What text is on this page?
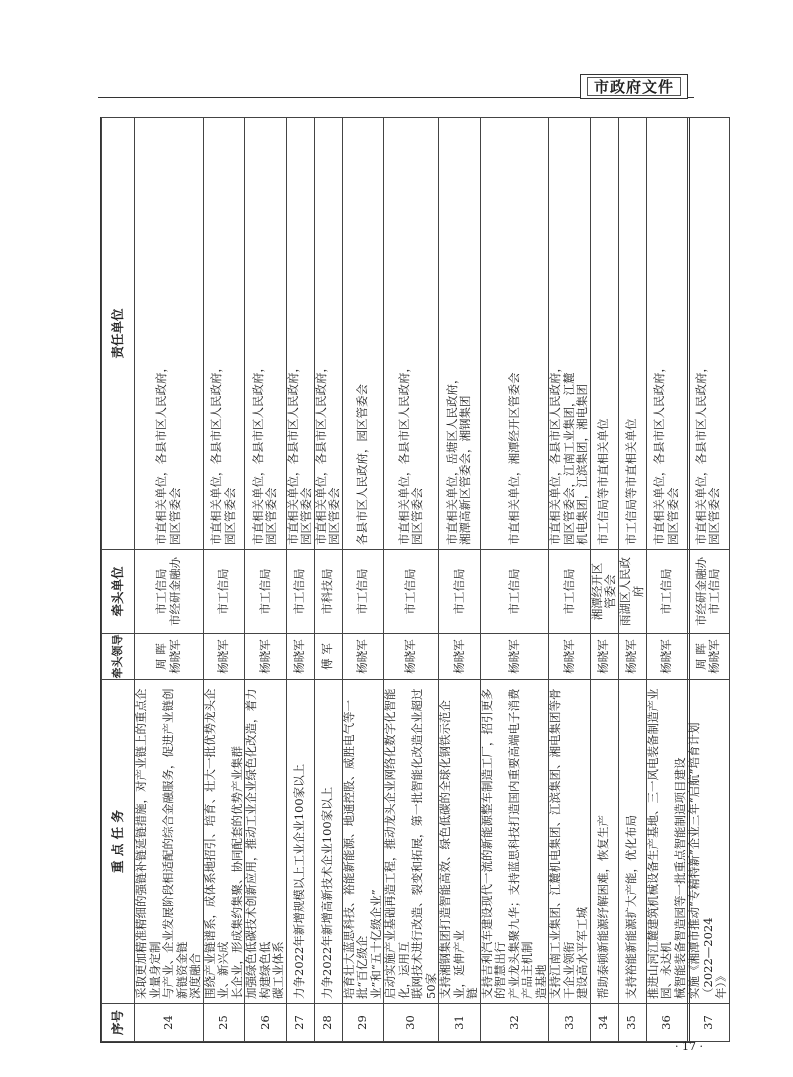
市政府文件
序号	重 点 任 务	牵头领导	牵头单位	责任单位
24	采取更加精准精细的强链补链延链措施，对产业链上的重点企业量身定制 与产业、企业发展阶段相适配的综合金融服务，促进产业链创新链资金链 深度融合	周 晖 杨晓军	市工信局 市经研金融办	市直相关单位，各县市区人民政府， 园区管委会

25	围绕产业链谱系，成体系地招引、培育、壮大一批优势龙头企业、新兴成 长企业，形成集约集聚、协同配套的优势产业集群	杨晓军	市工信局	市直相关单位，各县市区人民政府， 园区管委会

26	加强绿色低碳技术创新应用，推动工业企业绿色化改造，着力构建绿色低 碳工业体系	杨晓军	市工信局	市直相关单位，各县市区人民政府， 园区管委会

27	力争2022年新增规模以上工业企业100家以上	杨晓军	市工信局	市直相关单位，各县市区人民政府， 园区管委会

28	力争2022年新增高新技术企业100家以上	傅 军	市科技局	市直相关单位，各县市区人民政府， 园区管委会

29	培育壮大蓝思科技、裕能新能源、地通控股、威胜电气等一批“百亿级企 业”和“五十亿级企业”	杨晓军	市工信局	各县市区人民政府，园区管委会

30	启动实施产业基础再造工程，推动龙头企业网络化数字化智能化，运用互 联网技术进行改造、裂变和拓展，第一批智能化改造企业超过50家	杨晓军	市工信局	市直相关单位，各县市区人民政府， 园区管委会

31	支持湘钢集团打造智能高效、绿色低碳的全球化钢铁示范企业，延伸产业 链	杨晓军	市工信局	市直相关单位，岳塘区人民政府， 湘潭高新区管委会，湘钢集团

32	支持吉利汽车建设现代一流的新能源整车制造工厂，招引更多的智慧出行 产业龙头集聚九华；支持蓝思科技打造国内重要高端电子消费产品主机制 造基地	杨晓军	市工信局	市直相关单位，湘潭经开区管委会

33	支持江南工业集团、江麓机电集团、江滨集团、湘电集团等骨干企业领衔 建设高水平军工城	杨晓军	市工信局	市直相关单位，各县市区人民政府， 园区管委会，江南工业集团，江麓 机电集团，江滨集团，湘电集团

34	帮助泰顿新能源纾解困难，恢复生产	杨晓军	湘潭经开区 管委会	市工信局等市直相关单位

35	支持裕能新能源扩大产能，优化布局	杨晓军	雨湖区人民政府	市工信局等市直相关单位

36	推进山河江麓建筑机械设备生产基地、三一风电装备制造产业园、永达机 械智能装备智造园等一批重点智能制造项目建设	杨晓军	市工信局	市直相关单位，各县市区人民政府， 园区管委会

37	实施《湘潭市推动“专精特新”企业三年“启航”培育计划（2022—2024 年）》	周 晖 杨晓军	市经研金融办 市工信局	市直相关单位，各县市区人民政府， 园区管委会
· 17 ·
